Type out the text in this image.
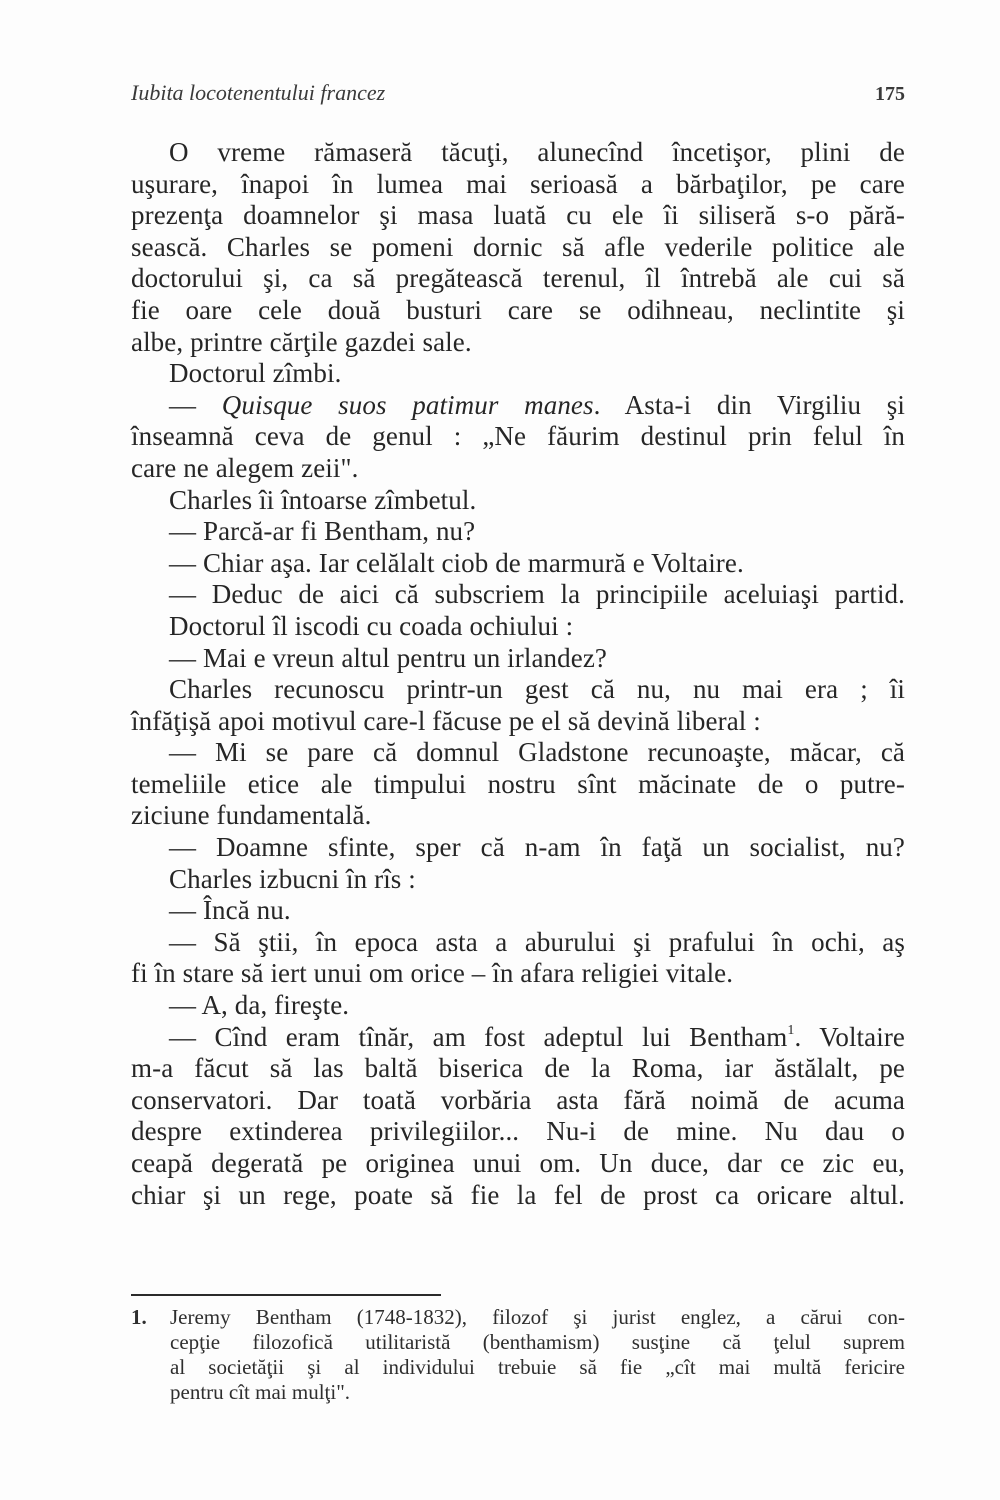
Iubita locotenentului francez	175
O vreme rămaseră tăcuţi, alunecînd încetişor, plini de
uşurare, înapoi în lumea mai serioasă a bărbaţilor, pe care
prezenţa doamnelor şi masa luată cu ele îi siliseră s-o pără-
sească. Charles se pomeni dornic să afle vederile politice ale
doctorului şi, ca să pregătească terenul, îl întrebă ale cui să
fie oare cele două busturi care se odihneau, neclintite şi
albe, printre cărţile gazdei sale.
Doctorul zîmbi.
— Quisque suos patimur manes. Asta-i din Virgiliu şi
înseamnă ceva de genul : „Ne făurim destinul prin felul în
care ne alegem zeii".
Charles îi întoarse zîmbetul.
— Parcă-ar fi Bentham, nu?
— Chiar aşa. Iar celălalt ciob de marmură e Voltaire.
— Deduc de aici că subscriem la principiile aceluiaşi partid.
Doctorul îl iscodi cu coada ochiului :
— Mai e vreun altul pentru un irlandez?
Charles recunoscu printr-un gest că nu, nu mai era ; îi
înfăţişă apoi motivul care-l făcuse pe el să devină liberal :
— Mi se pare că domnul Gladstone recunoaşte, măcar, că
temeliile etice ale timpului nostru sînt măcinate de o putre-
ziciune fundamentală.
— Doamne sfinte, sper că n-am în faţă un socialist, nu?
Charles izbucni în rîs :
— Încă nu.
— Să ştii, în epoca asta a aburului şi prafului în ochi, aş
fi în stare să iert unui om orice – în afara religiei vitale.
— A, da, fireşte.
— Cînd eram tînăr, am fost adeptul lui Bentham$^1$. Voltaire
m-a făcut să las baltă biserica de la Roma, iar ăstălalt, pe
conservatori. Dar toată vorbăria asta fără noimă de acuma
despre extinderea privilegiilor... Nu-i de mine. Nu dau o
ceapă degerată pe originea unui om. Un duce, dar ce zic eu,
chiar şi un rege, poate să fie la fel de prost ca oricare altul.
1.	Jeremy Bentham (1748-1832), filozof şi jurist englez, a cărui con-
cepţie filozofică utilitaristă (benthamism) susţine că ţelul suprem
al societăţii şi al individului trebuie să fie „cît mai multă fericire
pentru cît mai mulţi".
